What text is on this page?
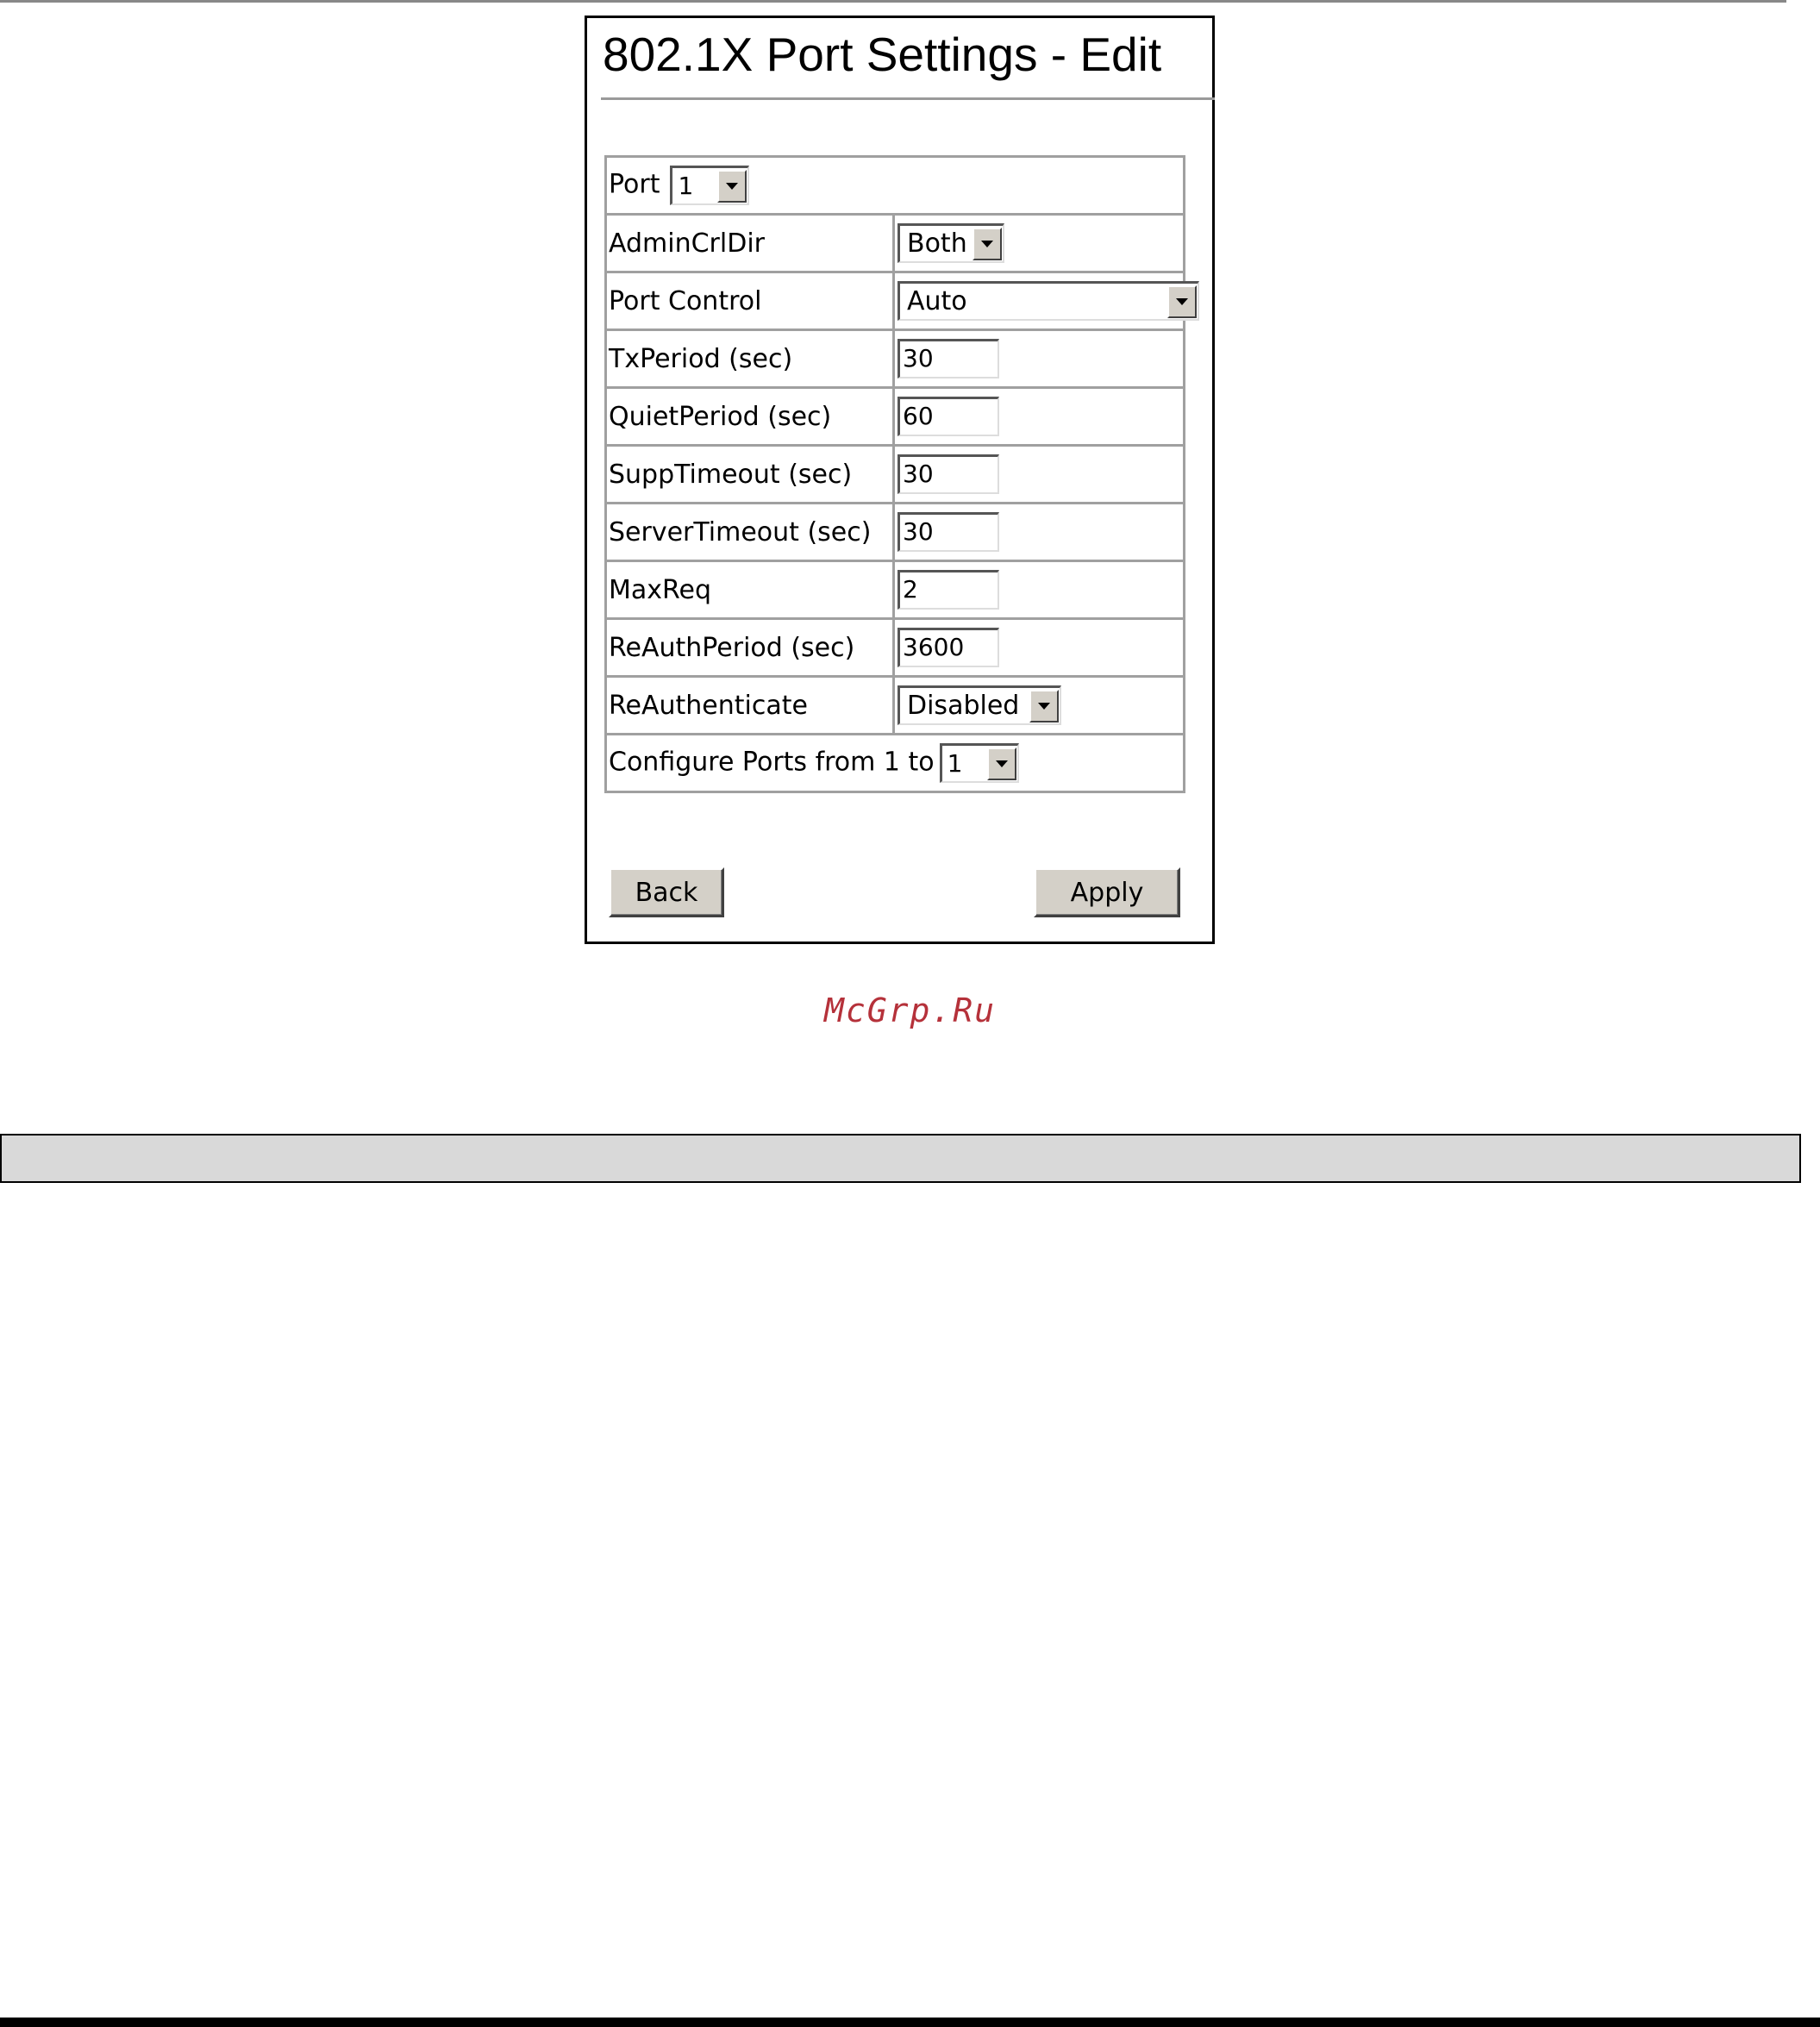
802.1X Port Settings - Edit
Port 1	

AdminCrlDir	Both

Port Control	Auto

TxPeriod (sec)	30
QuietPeriod (sec)	60
SuppTimeout (sec)	30
ServerTimeout (sec)	30
MaxReq	2
ReAuthPeriod (sec)	3600
ReAuthenticate	Disabled

Configure Ports from 1 to 1	
Back	Apply
McGrp.Ru
